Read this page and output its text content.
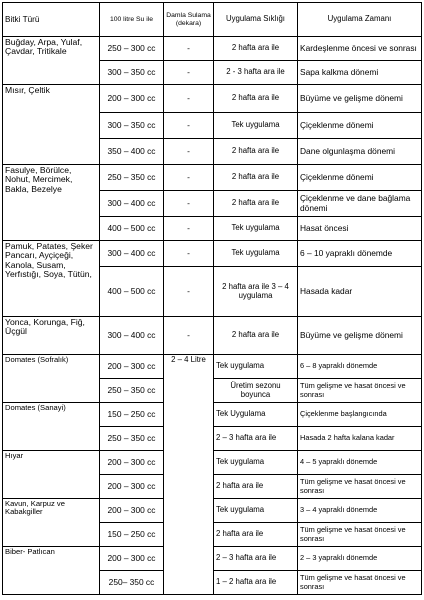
Bitki Türü	100 litre Su ile	Damla Sulama (dekara)	Uygulama Sıklığı	Uygulama Zamanı
Buğday, Arpa, Yulaf, Çavdar, Tritikale	250 – 300 cc	-	2 hafta ara ile	Kardeşlenme öncesi ve sonrası
	300 – 350 cc	-	2 - 3 hafta ara ile	Sapa kalkma dönemi
Mısır, Çeltik	200 – 300 cc	-	2 hafta ara ile	Büyüme ve gelişme dönemi
	300 – 350 cc	-	Tek uygulama	Çiçeklenme dönemi
	350 – 400 cc	-	2 hafta ara ile	Dane olgunlaşma dönemi
Fasulye, Börülce, Nohut, Mercimek, Bakla, Bezelye	250 – 350 cc	-	2 hafta ara ile	Çiçeklenme dönemi
	300 – 400 cc	-	2 hafta ara ile	Çiçeklenme ve dane bağlama dönemi
	400 – 500 cc	-	Tek uygulama	Hasat öncesi
Pamuk, Patates, Şeker Pancarı, Ayçiçeği, Kanola, Susam, Yerfıstığı, Soya, Tütün,	300 – 400 cc	-	Tek uygulama	6 – 10 yapraklı dönemde
	400 – 500 cc	-	2 hafta ara ile 3 – 4 uygulama	Hasada kadar
Yonca, Korunga, Fiğ, Üçgül	300 – 400 cc	-	2 hafta ara ile	Büyüme ve gelişme dönemi
Domates (Sofralık)	200 – 300 cc	2 – 4 Litre	Tek uygulama	6 – 8 yapraklı dönemde
	250 – 350 cc		Üretim sezonu boyunca	Tüm gelişme ve hasat öncesi ve sonrası
Domates (Sanayi)	150 – 250 cc		Tek Uygulama	Çiçeklenme başlangıcında
	250 – 350 cc		2 – 3 hafta ara ile	Hasada 2 hafta kalana kadar
Hıyar	200 – 300 cc		Tek uygulama	4 – 5 yapraklı dönemde
	200 – 300 cc		2 hafta ara ile	Tüm gelişme ve hasat öncesi ve sonrası
Kavun, Karpuz ve Kabakgiller	200 – 300 cc		Tek uygulama	3 – 4 yapraklı dönemde
	150 – 250 cc		2 hafta ara ile	Tüm gelişme ve hasat öncesi ve sonrası
Biber- Patlıcan	200 – 300 cc		2 – 3 hafta ara ile	2 – 3 yapraklı dönemde
	250– 350 cc		1 – 2 hafta ara ile	Tüm gelişme ve hasat öncesi ve sonrası
